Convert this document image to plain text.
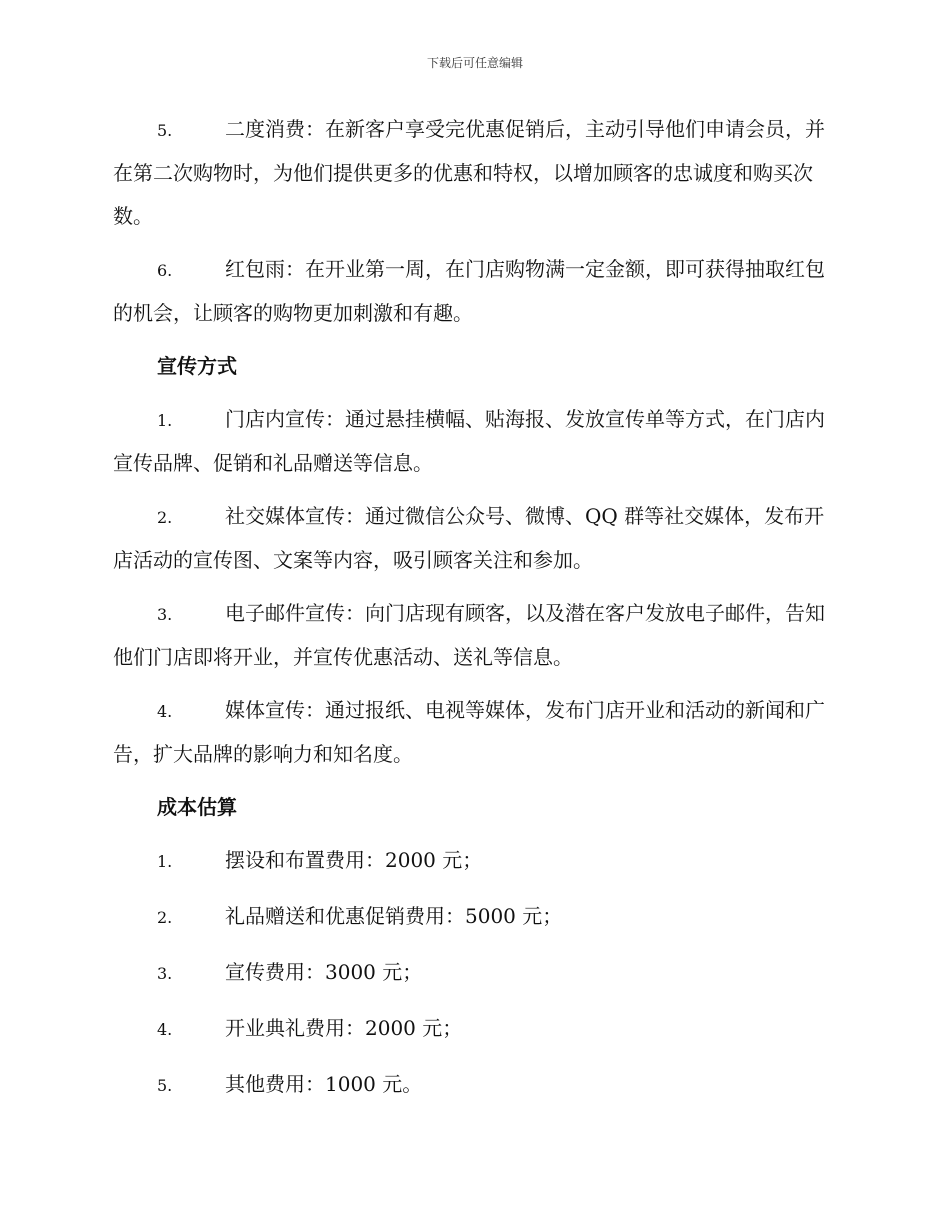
下载后可任意编辑

5.	二度消费：在新客户享受完优惠促销后，主动引导他们申请会员，并在第二次购物时，为他们提供更多的优惠和特权，以增加顾客的忠诚度和购买次数。

6.	红包雨：在开业第一周，在门店购物满一定金额，即可获得抽取红包的机会，让顾客的购物更加刺激和有趣。

宣传方式

1.	门店内宣传：通过悬挂横幅、贴海报、发放宣传单等方式，在门店内宣传品牌、促销和礼品赠送等信息。

2.	社交媒体宣传：通过微信公众号、微博、QQ 群等社交媒体，发布开店活动的宣传图、文案等内容，吸引顾客关注和参加。

3.	电子邮件宣传：向门店现有顾客，以及潜在客户发放电子邮件，告知他们门店即将开业，并宣传优惠活动、送礼等信息。

4.	媒体宣传：通过报纸、电视等媒体，发布门店开业和活动的新闻和广告，扩大品牌的影响力和知名度。

成本估算
1.	摆设和布置费用：2000 元；
2.	礼品赠送和优惠促销费用：5000 元；
3.	宣传费用：3000 元；
4.	开业典礼费用：2000 元；
5.	其他费用：1000 元。
